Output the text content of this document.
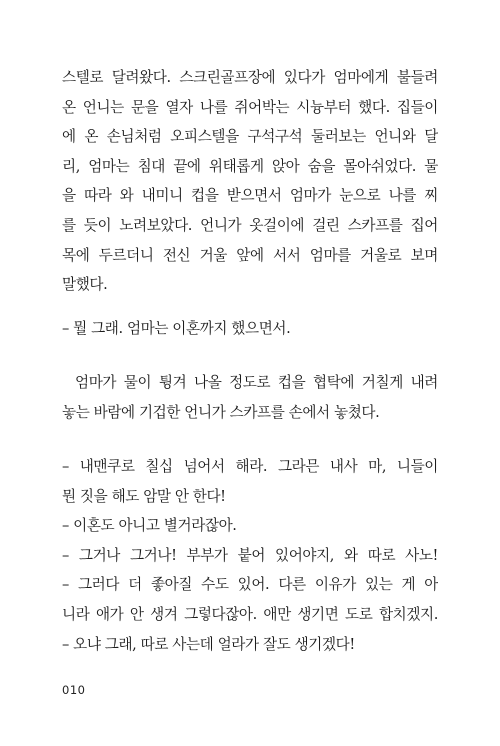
스텔로 달려왔다. 스크린골프장에 있다가 엄마에게 불들려
온 언니는 문을 열자 나를 쥐어박는 시늉부터 했다. 집들이
에 온 손님처럼 오피스텔을 구석구석 둘러보는 언니와 달
리, 엄마는 침대 끝에 위태롭게 앉아 숨을 몰아쉬었다. 물
을 따라 와 내미니 컵을 받으면서 엄마가 눈으로 나를 찌
를 듯이 노려보았다. 언니가 옷걸이에 걸린 스카프를 집어
목에 두르더니 전신 거울 앞에 서서 엄마를 거울로 보며
말했다.
– 뭘 그래. 엄마는 이혼까지 했으면서.
엄마가 물이 튕겨 나올 정도로 컵을 협탁에 거칠게 내려
놓는 바람에 기겁한 언니가 스카프를 손에서 놓쳤다.
– 내맨쿠로 칠십 넘어서 해라. 그라믄 내사 마, 니들이
뭔 짓을 해도 암말 안 한다!
– 이혼도 아니고 별거라잖아.
– 그거나 그거나! 부부가 붙어 있어야지, 와 따로 사노!
– 그러다 더 좋아질 수도 있어. 다른 이유가 있는 게 아
니라 애가 안 생겨 그렇다잖아. 애만 생기면 도로 합치겠지.
– 오냐 그래, 따로 사는데 얼라가 잘도 생기겠다!
010
